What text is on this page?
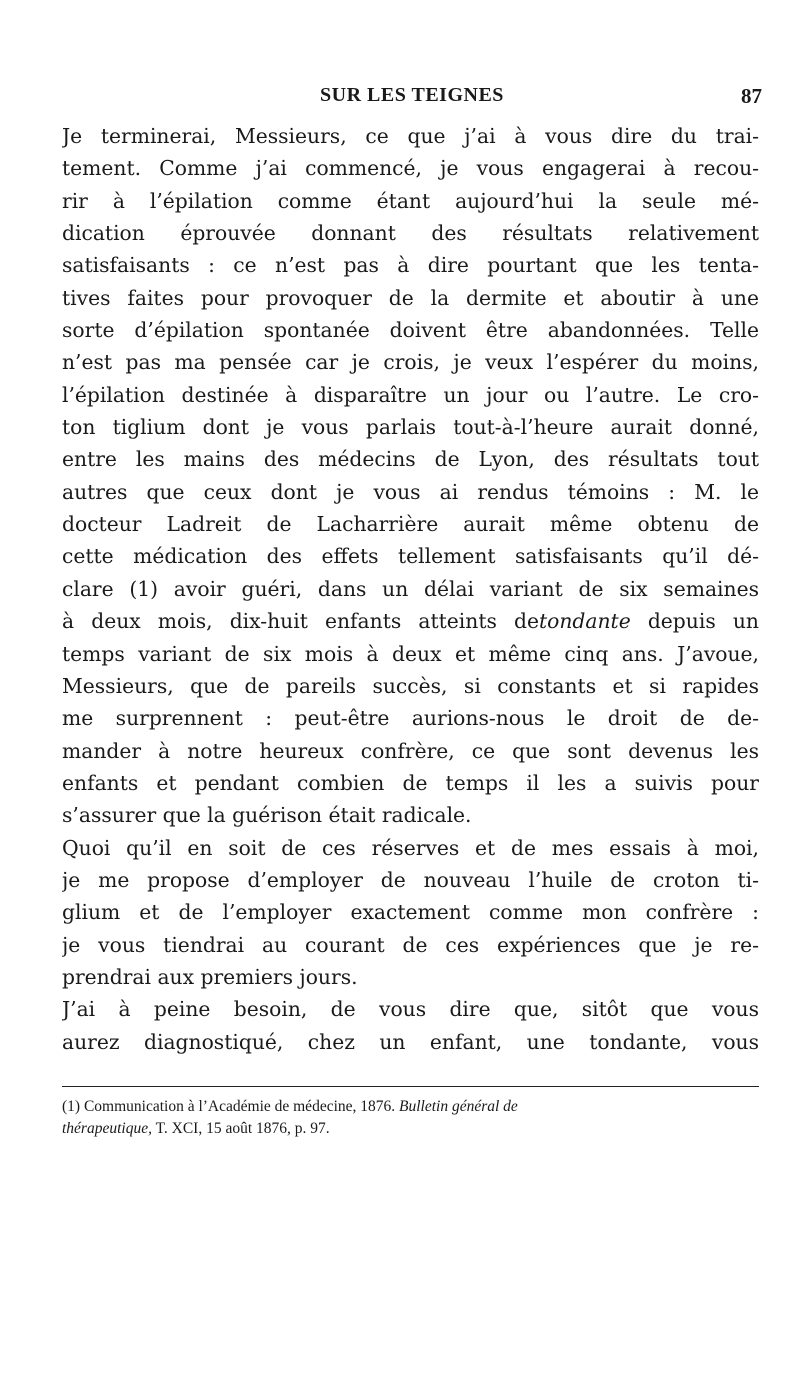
SUR LES TEIGNES	87
Je terminerai, Messieurs, ce que j’ai à vous dire du trai-
tement. Comme j’ai commencé, je vous engagerai à recou-
rir à l’épilation comme étant aujourd’hui la seule mé-
dication éprouvée donnant des résultats relativement
satisfaisants : ce n’est pas à dire pourtant que les tenta-
tives faites pour provoquer de la dermite et aboutir à une
sorte d’épilation spontanée doivent être abandonnées. Telle
n’est pas ma pensée car je crois, je veux l’espérer du moins,
l’épilation destinée à disparaître un jour ou l’autre. Le cro-
ton tiglium dont je vous parlais tout-à-l’heure aurait donné,
entre les mains des médecins de Lyon, des résultats tout
autres que ceux dont je vous ai rendus témoins : M. le
docteur Ladreit de Lacharrière aurait même obtenu de
cette médication des effets tellement satisfaisants qu’il dé-
clare (1) avoir guéri, dans un délai variant de six semaines
à deux mois, dix-huit enfants atteints detondante depuis un
temps variant de six mois à deux et même cinq ans. J’avoue,
Messieurs, que de pareils succès, si constants et si rapides
me surprennent : peut-être aurions-nous le droit de de-
mander à notre heureux confrère, ce que sont devenus les
enfants et pendant combien de temps il les a suivis pour
s’assurer que la guérison était radicale.
Quoi qu’il en soit de ces réserves et de mes essais à moi,
je me propose d’employer de nouveau l’huile de croton ti-
glium et de l’employer exactement comme mon confrère :
je vous tiendrai au courant de ces expériences que je re-
prendrai aux premiers jours.
J’ai à peine besoin, de vous dire que, sitôt que vous
aurez diagnostiqué, chez un enfant, une tondante, vous
(1) Communication à l’Académie de médecine, 1876. Bulletin général de
thérapeutique, T. XCI, 15 août 1876, p. 97.
